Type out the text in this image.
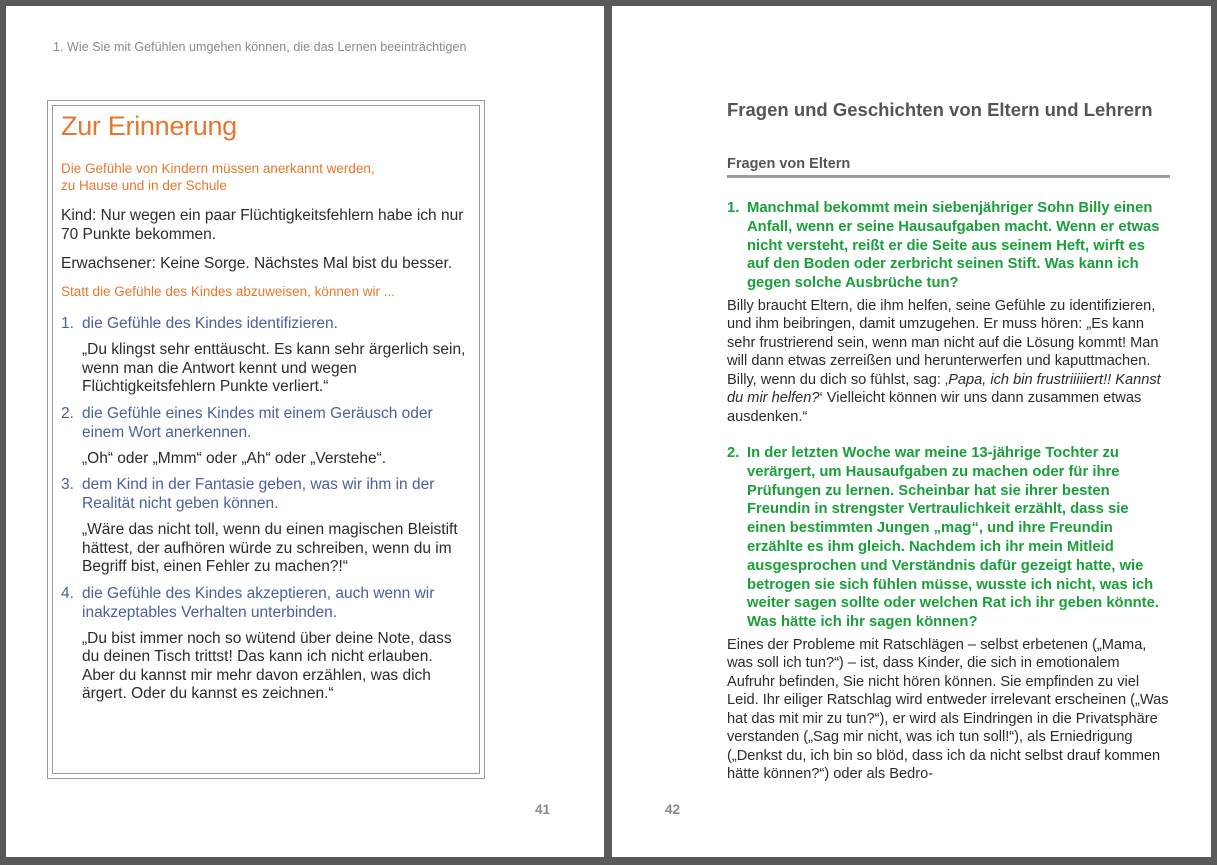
1. Wie Sie mit Gefühlen umgehen können, die das Lernen beeinträchtigen
Zur Erinnerung
Die Gefühle von Kindern müssen anerkannt werden,
zu Hause und in der Schule

Kind: Nur wegen ein paar Flüchtigkeitsfehlern habe ich nur 70 Punkte bekommen.

Erwachsener: Keine Sorge. Nächstes Mal bist du besser.

Statt die Gefühle des Kindes abzuweisen, können wir ...

1. die Gefühle des Kindes identifizieren.

„Du klingst sehr enttäuscht. Es kann sehr ärgerlich sein, wenn man die Antwort kennt und wegen Flüchtigkeitsfehlern Punkte verliert.“

2. die Gefühle eines Kindes mit einem Geräusch oder einem Wort anerkennen.

„Oh“ oder „Mmm“ oder „Ah“ oder „Verstehe“.

3. dem Kind in der Fantasie geben, was wir ihm in der Realität nicht geben können.

„Wäre das nicht toll, wenn du einen magischen Bleistift hättest, der aufhören würde zu schreiben, wenn du im Begriff bist, einen Fehler zu machen?!“

4. die Gefühle des Kindes akzeptieren, auch wenn wir inakzeptables Verhalten unterbinden.

„Du bist immer noch so wütend über deine Note, dass du deinen Tisch trittst! Das kann ich nicht erlauben. Aber du kannst mir mehr davon erzählen, was dich ärgert. Oder du kannst es zeichnen.“

41
Fragen und Geschichten von Eltern und Lehrern
Fragen von Eltern
1. Manchmal bekommt mein siebenjähriger Sohn Billy einen Anfall, wenn er seine Hausaufgaben macht. Wenn er etwas nicht versteht, reißt er die Seite aus seinem Heft, wirft es auf den Boden oder zerbricht seinen Stift. Was kann ich gegen solche Ausbrüche tun?

Billy braucht Eltern, die ihm helfen, seine Gefühle zu identifizieren, und ihm beibringen, damit umzugehen. Er muss hören: „Es kann sehr frustrierend sein, wenn man nicht auf die Lösung kommt! Man will dann etwas zerreißen und herunterwerfen und kaputtmachen. Billy, wenn du dich so fühlst, sag: ‚Papa, ich bin frustriiiiiert!! Kannst du mir helfen?‘ Vielleicht können wir uns dann zusammen etwas ausdenken.“

2. In der letzten Woche war meine 13-jährige Tochter zu verärgert, um Hausaufgaben zu machen oder für ihre Prüfungen zu lernen. Scheinbar hat sie ihrer besten Freundin in strengster Vertraulichkeit erzählt, dass sie einen bestimmten Jungen „mag“, und ihre Freundin erzählte es ihm gleich. Nachdem ich ihr mein Mitleid ausgesprochen und Verständnis dafür gezeigt hatte, wie betrogen sie sich fühlen müsse, wusste ich nicht, was ich weiter sagen sollte oder welchen Rat ich ihr geben könnte. Was hätte ich ihr sagen können?

Eines der Probleme mit Ratschlägen – selbst erbetenen („Mama, was soll ich tun?“) – ist, dass Kinder, die sich in emotionalem Aufruhr befinden, Sie nicht hören können. Sie empfinden zu viel Leid. Ihr eiliger Ratschlag wird entweder irrelevant erscheinen („Was hat das mit mir zu tun?“), er wird als Eindringen in die Privatsphäre verstanden („Sag mir nicht, was ich tun soll!“), als Erniedrigung („Denkst du, ich bin so blöd, dass ich da nicht selbst drauf kommen hätte können?“) oder als Bedro-

42
